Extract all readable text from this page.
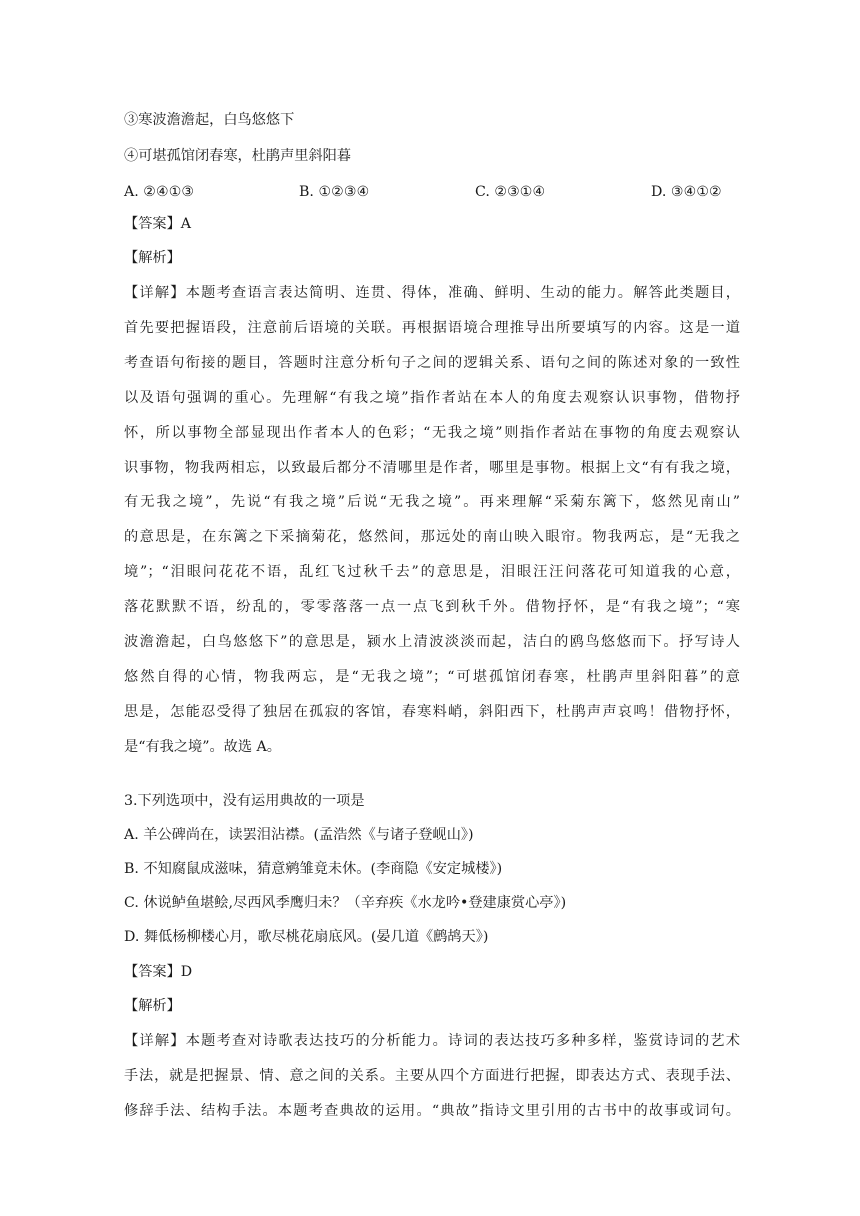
③寒波澹澹起，白鸟悠悠下
④可堪孤馆闭春寒，杜鹃声里斜阳暮
A. ②④①③	B. ①②③④	C. ②③①④	D. ③④①②
【答案】A
【解析】
【详解】本题考查语言表达简明、连贯、得体，准确、鲜明、生动的能力。解答此类题目，
首先要把握语段，注意前后语境的关联。再根据语境合理推导出所要填写的内容。这是一道
考查语句衔接的题目，答题时注意分析句子之间的逻辑关系、语句之间的陈述对象的一致性
以及语句强调的重心。先理解“有我之境”指作者站在本人的角度去观察认识事物，借物抒
怀，所以事物全部显现出作者本人的色彩；“无我之境”则指作者站在事物的角度去观察认
识事物，物我两相忘，以致最后都分不清哪里是作者，哪里是事物。根据上文“有有我之境，
有无我之境”，先说“有我之境”后说“无我之境”。再来理解“采菊东篱下，悠然见南山”
的意思是，在东篱之下采摘菊花，悠然间，那远处的南山映入眼帘。物我两忘，是“无我之
境”；“泪眼问花花不语，乱红飞过秋千去”的意思是，泪眼汪汪问落花可知道我的心意，
落花默默不语，纷乱的，零零落落一点一点飞到秋千外。借物抒怀，是“有我之境”；“寒
波澹澹起，白鸟悠悠下”的意思是，颍水上清波淡淡而起，洁白的鸥鸟悠悠而下。抒写诗人
悠然自得的心情，物我两忘，是“无我之境”；“可堪孤馆闭春寒，杜鹃声里斜阳暮”的意
思是，怎能忍受得了独居在孤寂的客馆，春寒料峭，斜阳西下，杜鹃声声哀鸣！借物抒怀，
是“有我之境”。故选 A。
3.下列选项中，没有运用典故的一项是
A. 羊公碑尚在，读罢泪沾襟。(孟浩然《与诸子登岘山》)
B. 不知腐鼠成滋味，猜意鹓雏竟未休。(李商隐《安定城楼》)
C. 休说鲈鱼堪鲙,尽西风季鹰归未？（辛弃疾《水龙吟•登建康赏心亭》)
D. 舞低杨柳楼心月，歌尽桃花扇底风。(晏几道《鹧鸪天》)
【答案】D
【解析】
【详解】本题考查对诗歌表达技巧的分析能力。诗词的表达技巧多种多样，鉴赏诗词的艺术
手法，就是把握景、情、意之间的关系。主要从四个方面进行把握，即表达方式、表现手法、
修辞手法、结构手法。本题考查典故的运用。“典故”指诗文里引用的古书中的故事或词句。
